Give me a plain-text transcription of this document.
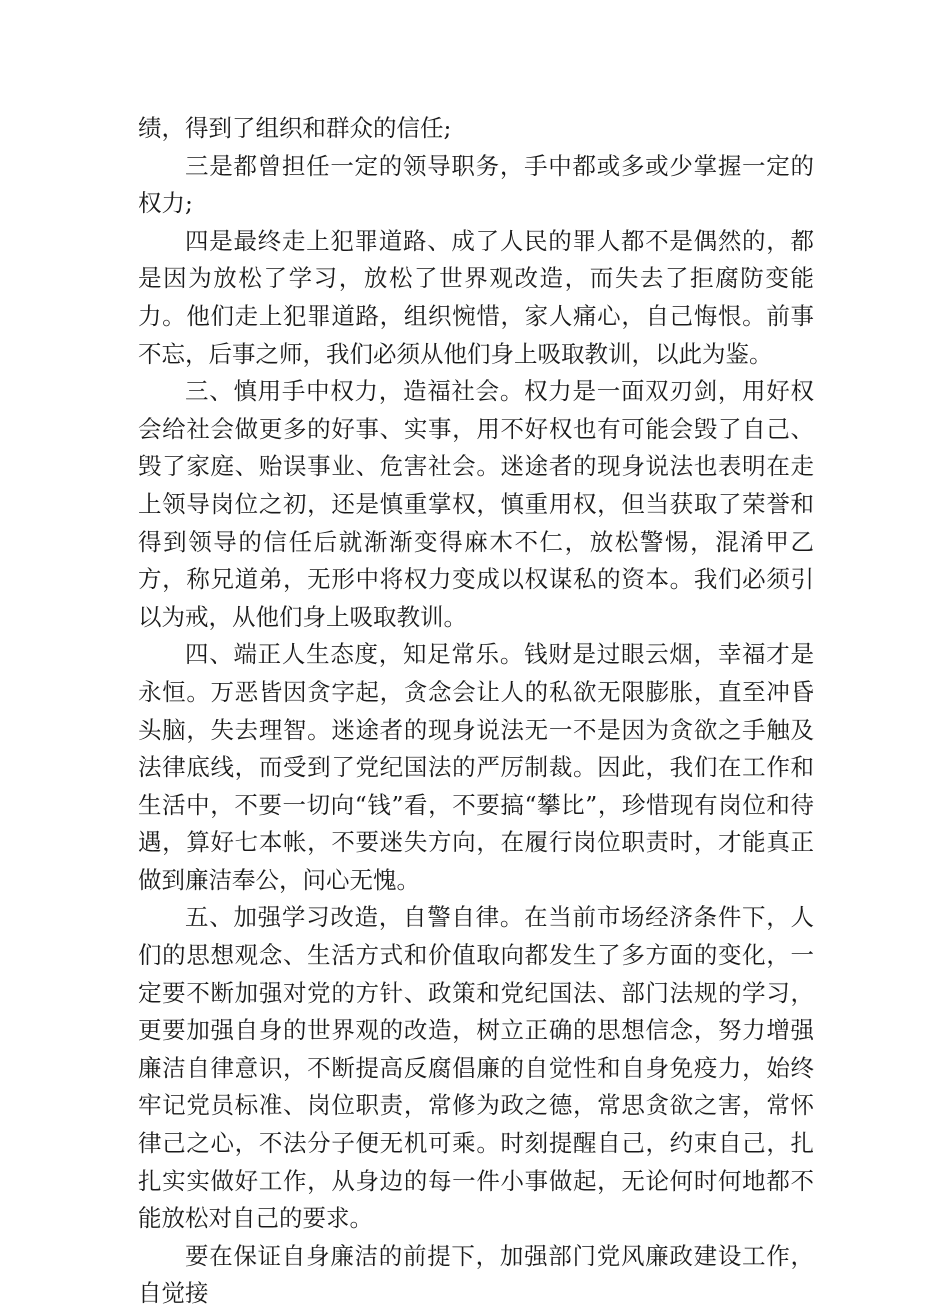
绩，得到了组织和群众的信任;

三是都曾担任一定的领导职务，手中都或多或少掌握一定的权力;

四是最终走上犯罪道路、成了人民的罪人都不是偶然的，都是因为放松了学习，放松了世界观改造，而失去了拒腐防变能力。他们走上犯罪道路，组织惋惜，家人痛心，自己悔恨。前事不忘，后事之师，我们必须从他们身上吸取教训，以此为鉴。

三、慎用手中权力，造福社会。权力是一面双刃剑，用好权会给社会做更多的好事、实事，用不好权也有可能会毁了自己、毁了家庭、贻误事业、危害社会。迷途者的现身说法也表明在走上领导岗位之初，还是慎重掌权，慎重用权，但当获取了荣誉和得到领导的信任后就渐渐变得麻木不仁，放松警惕，混淆甲乙方，称兄道弟，无形中将权力变成以权谋私的资本。我们必须引以为戒，从他们身上吸取教训。

四、端正人生态度，知足常乐。钱财是过眼云烟，幸福才是永恒。万恶皆因贪字起，贪念会让人的私欲无限膨胀，直至冲昏头脑，失去理智。迷途者的现身说法无一不是因为贪欲之手触及法律底线，而受到了党纪国法的严厉制裁。因此，我们在工作和生活中，不要一切向“钱”看，不要搞“攀比”，珍惜现有岗位和待遇，算好七本帐，不要迷失方向，在履行岗位职责时，才能真正做到廉洁奉公，问心无愧。

五、加强学习改造，自警自律。在当前市场经济条件下，人们的思想观念、生活方式和价值取向都发生了多方面的变化，一定要不断加强对党的方针、政策和党纪国法、部门法规的学习，更要加强自身的世界观的改造，树立正确的思想信念，努力增强廉洁自律意识，不断提高反腐倡廉的自觉性和自身免疫力，始终牢记党员标准、岗位职责，常修为政之德，常思贪欲之害，常怀律己之心，不法分子便无机可乘。时刻提醒自己，约束自己，扎扎实实做好工作，从身边的每一件小事做起，无论何时何地都不能放松对自己的要求。

要在保证自身廉洁的前提下，加强部门党风廉政建设工作，自觉接
